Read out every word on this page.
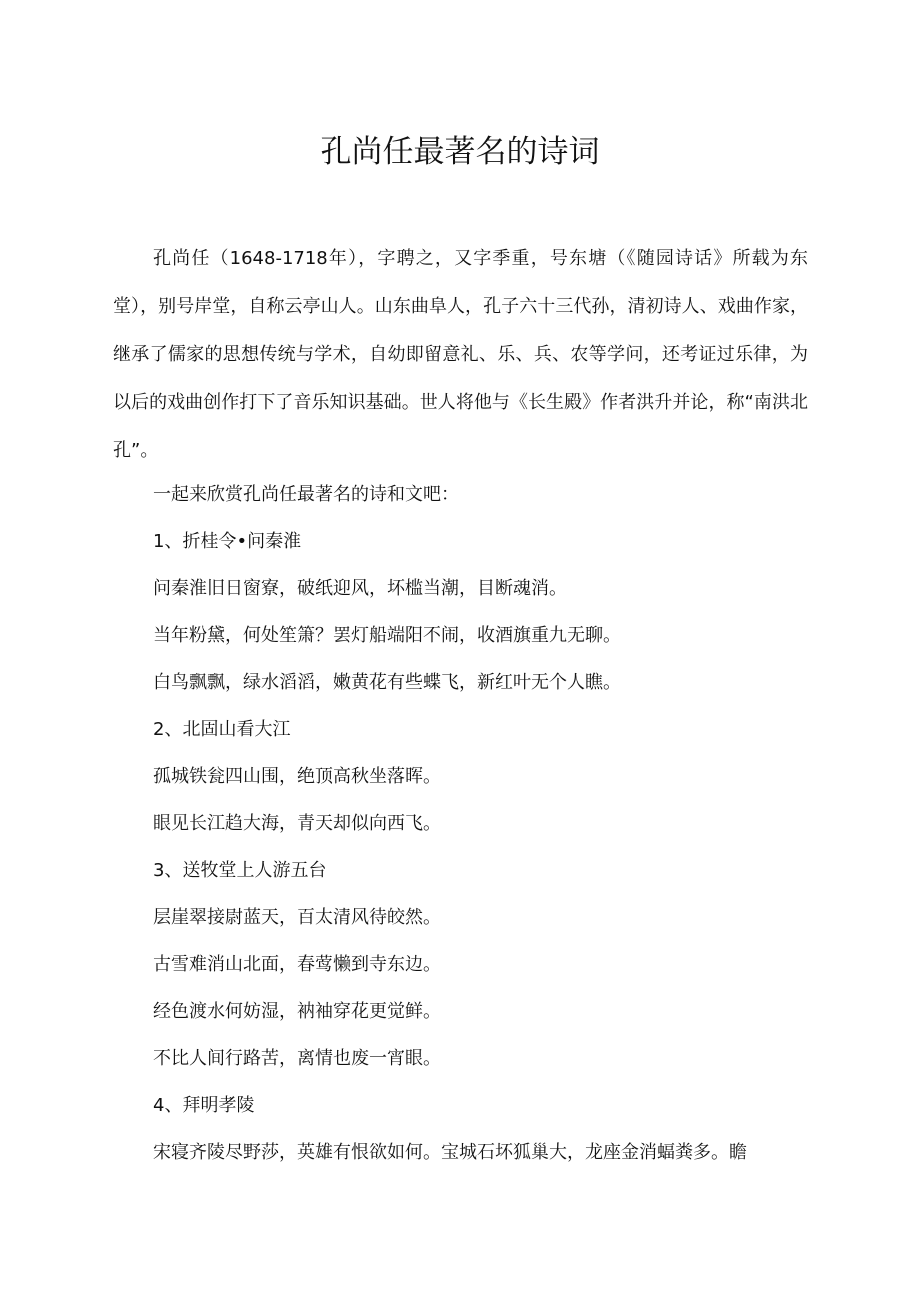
孔尚任最著名的诗词

孔尚任（1648-1718年），字聘之，又字季重，号东塘（《随园诗话》所载为东堂），别号岸堂，自称云亭山人。山东曲阜人，孔子六十三代孙，清初诗人、戏曲作家，继承了儒家的思想传统与学术，自幼即留意礼、乐、兵、农等学问，还考证过乐律，为以后的戏曲创作打下了音乐知识基础。世人将他与《长生殿》作者洪升并论，称“南洪北孔”。

一起来欣赏孔尚任最著名的诗和文吧：

1、折桂令•问秦淮

问秦淮旧日窗寮，破纸迎风，坏槛当潮，目断魂消。

当年粉黛，何处笙箫？罢灯船端阳不闹，收酒旗重九无聊。

白鸟飘飘，绿水滔滔，嫩黄花有些蝶飞，新红叶无个人瞧。

2、北固山看大江

孤城铁瓮四山围，绝顶高秋坐落晖。

眼见长江趋大海，青天却似向西飞。

3、送牧堂上人游五台

层崖翠接尉蓝天，百太清风待皎然。

古雪难消山北面，春莺懒到寺东边。

经色渡水何妨湿，衲袖穿花更觉鲜。

不比人间行路苦，离情也废一宵眼。

4、拜明孝陵

宋寝齐陵尽野莎，英雄有恨欲如何。宝城石坏狐巢大，龙座金消蝠粪多。瞻
